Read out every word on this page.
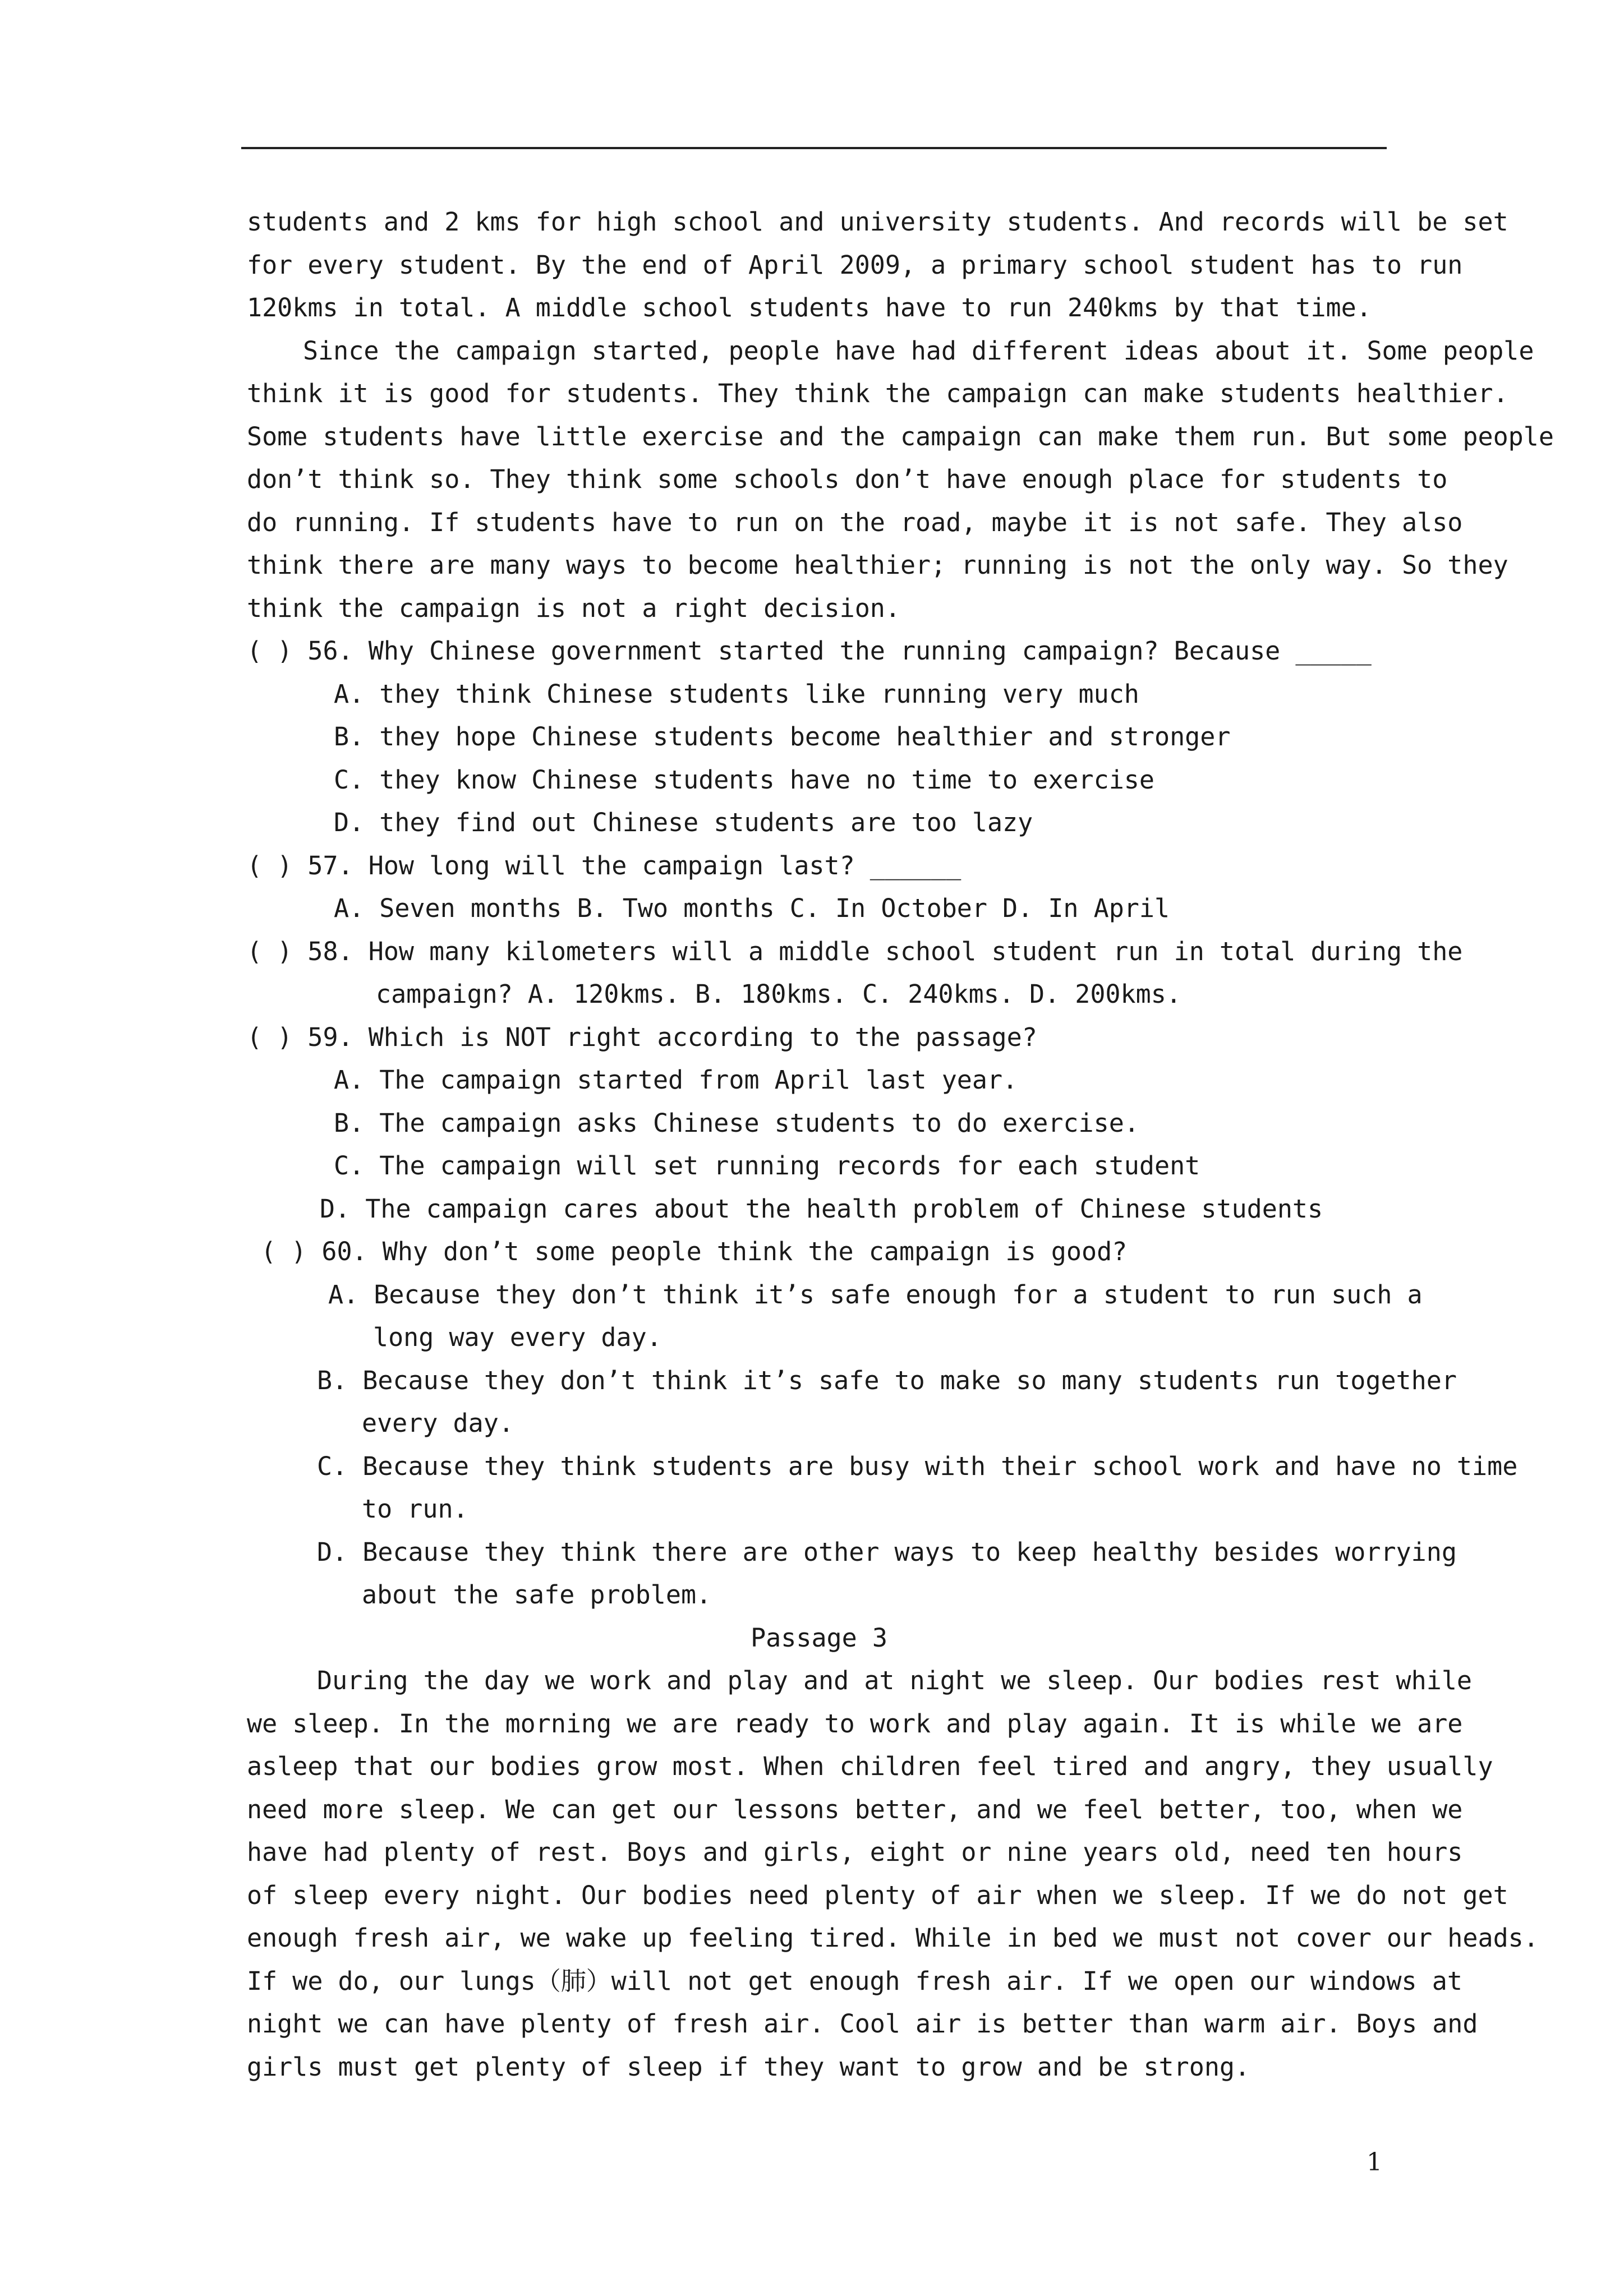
students and 2 kms for high school and university students. And records will be set
for every student. By the end of April 2009, a primary school student has to run
120kms in total. A middle school students have to run 240kms by that time.
Since the campaign started, people have had different ideas about it. Some people
think it is good for students. They think the campaign can make students healthier.
Some students have little exercise and the campaign can make them run. But some people
don’t think so. They think some schools don’t have enough place for students to
do running. If students have to run on the road, maybe it is not safe. They also
think there are many ways to become healthier; running is not the only way. So they
think the campaign is not a right decision.
( ) 56. Why Chinese government started the running campaign? Because _____
A. they think Chinese students like running very much
B. they hope Chinese students become healthier and stronger
C. they know Chinese students have no time to exercise
D. they find out Chinese students are too lazy
( ) 57. How long will the campaign last? ______
A. Seven months B. Two months C. In October D. In April
( ) 58. How many kilometers will a middle school student run in total during the
campaign? A. 120kms. B. 180kms. C. 240kms. D. 200kms.
( ) 59. Which is NOT right according to the passage?
A. The campaign started from April last year.
B. The campaign asks Chinese students to do exercise.
C. The campaign will set running records for each student
D. The campaign cares about the health problem of Chinese students
( ) 60. Why don’t some people think the campaign is good?
A. Because they don’t think it’s safe enough for a student to run such a
long way every day.
B. Because they don’t think it’s safe to make so many students run together
every day.
C. Because they think students are busy with their school work and have no time
to run.
D. Because they think there are other ways to keep healthy besides worrying
about the safe problem.
Passage 3
During the day we work and play and at night we sleep. Our bodies rest while
we sleep. In the morning we are ready to work and play again. It is while we are
asleep that our bodies grow most. When children feel tired and angry, they usually
need more sleep. We can get our lessons better, and we feel better, too, when we
have had plenty of rest. Boys and girls, eight or nine years old, need ten hours
of sleep every night. Our bodies need plenty of air when we sleep. If we do not get
enough fresh air, we wake up feeling tired. While in bed we must not cover our heads.
If we do, our lungs（肺）will not get enough fresh air. If we open our windows at
night we can have plenty of fresh air. Cool air is better than warm air. Boys and
girls must get plenty of sleep if they want to grow and be strong.
1
